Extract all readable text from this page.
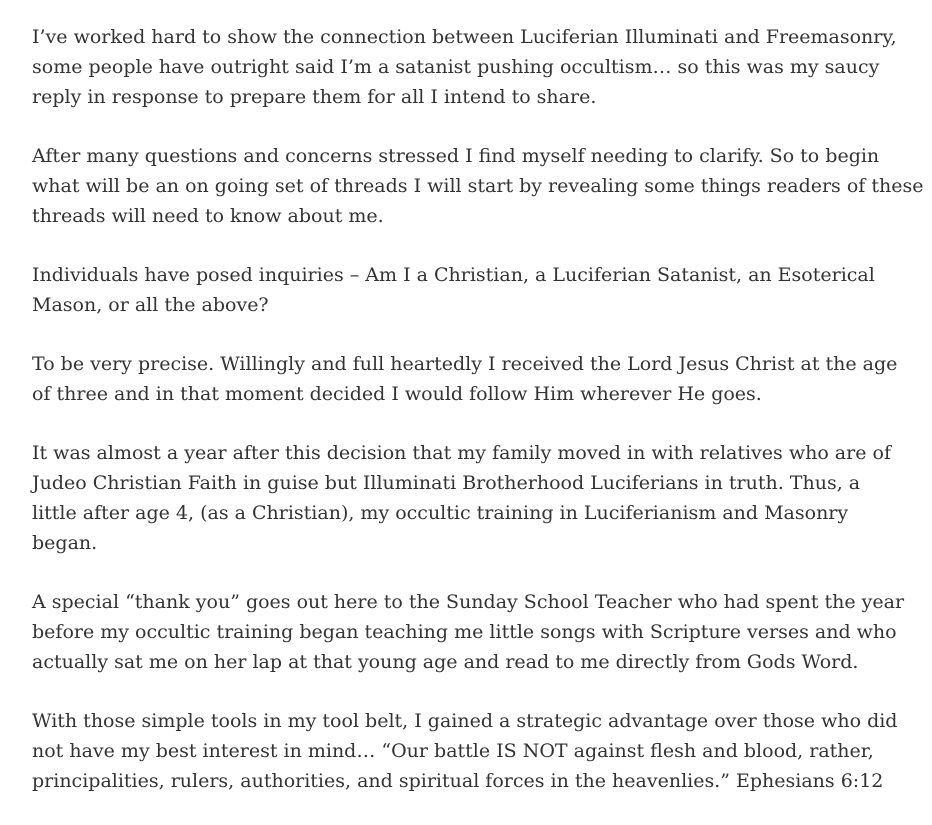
I’ve worked hard to show the connection between Luciferian Illuminati and Freemasonry,
some people have outright said I’m a satanist pushing occultism… so this was my saucy
reply in response to prepare them for all I intend to share.

After many questions and concerns stressed I find myself needing to clarify. So to begin
what will be an on going set of threads I will start by revealing some things readers of these
threads will need to know about me.

Individuals have posed inquiries – Am I a Christian, a Luciferian Satanist, an Esoterical
Mason, or all the above?

To be very precise. Willingly and full heartedly I received the Lord Jesus Christ at the age
of three and in that moment decided I would follow Him wherever He goes.

It was almost a year after this decision that my family moved in with relatives who are of
Judeo Christian Faith in guise but Illuminati Brotherhood Luciferians in truth. Thus, a
little after age 4, (as a Christian), my occultic training in Luciferianism and Masonry
began.

A special “thank you” goes out here to the Sunday School Teacher who had spent the year
before my occultic training began teaching me little songs with Scripture verses and who
actually sat me on her lap at that young age and read to me directly from Gods Word.

With those simple tools in my tool belt, I gained a strategic advantage over those who did
not have my best interest in mind… “Our battle IS NOT against flesh and blood, rather,
principalities, rulers, authorities, and spiritual forces in the heavenlies.” Ephesians 6:12
